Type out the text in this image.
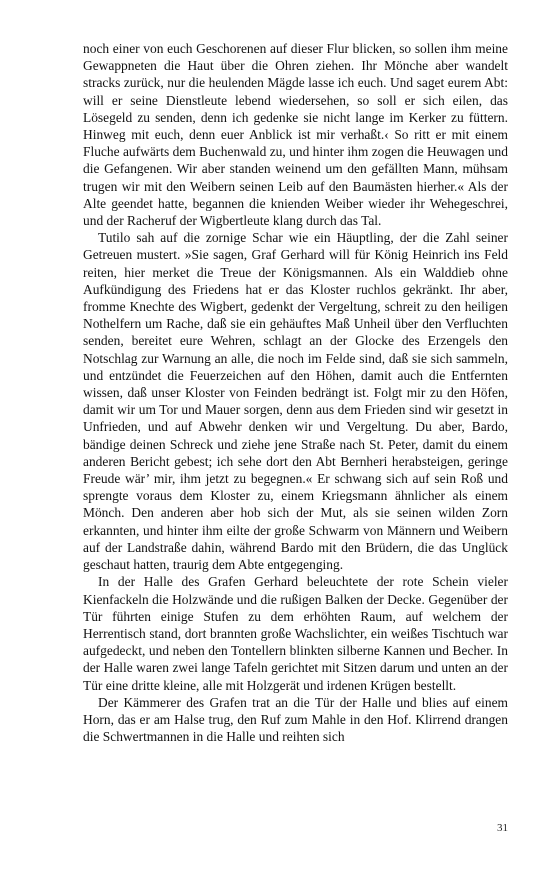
noch einer von euch Geschorenen auf dieser Flur blicken, so sollen ihm meine Gewappneten die Haut über die Ohren ziehen. Ihr Mönche aber wandelt stracks zurück, nur die heulenden Mägde lasse ich euch. Und saget eurem Abt: will er seine Dienstleute lebend wiedersehen, so soll er sich eilen, das Lösegeld zu senden, denn ich gedenke sie nicht lange im Kerker zu füttern. Hinweg mit euch, denn euer Anblick ist mir verhaßt.‹ So ritt er mit einem Fluche aufwärts dem Buchenwald zu, und hinter ihm zogen die Heuwagen und die Gefangenen. Wir aber standen weinend um den gefällten Mann, mühsam trugen wir mit den Weibern seinen Leib auf den Baumästen hierher.« Als der Alte geendet hatte, begannen die knienden Weiber wieder ihr Wehegeschrei, und der Racheruf der Wigbertleute klang durch das Tal.

Tutilo sah auf die zornige Schar wie ein Häuptling, der die Zahl seiner Getreuen mustert. »Sie sagen, Graf Gerhard will für König Heinrich ins Feld reiten, hier merket die Treue der Königsmannen. Als ein Walddieb ohne Aufkündigung des Friedens hat er das Kloster ruchlos gekränkt. Ihr aber, fromme Knechte des Wigbert, gedenkt der Vergeltung, schreit zu den heiligen Nothelfern um Rache, daß sie ein gehäuftes Maß Unheil über den Verfluchten senden, bereitet eure Wehren, schlagt an der Glocke des Erzengels den Notschlag zur Warnung an alle, die noch im Felde sind, daß sie sich sammeln, und entzündet die Feuerzeichen auf den Höhen, damit auch die Entfernten wissen, daß unser Kloster von Feinden bedrängt ist. Folgt mir zu den Höfen, damit wir um Tor und Mauer sorgen, denn aus dem Frieden sind wir gesetzt in Unfrieden, und auf Abwehr denken wir und Vergeltung. Du aber, Bardo, bändige deinen Schreck und ziehe jene Straße nach St. Peter, damit du einem anderen Bericht gebest; ich sehe dort den Abt Bernheri herabsteigen, geringe Freude wär’ mir, ihm jetzt zu begegnen.« Er schwang sich auf sein Roß und sprengte voraus dem Kloster zu, einem Kriegsmann ähnlicher als einem Mönch. Den anderen aber hob sich der Mut, als sie seinen wilden Zorn erkannten, und hinter ihm eilte der große Schwarm von Männern und Weibern auf der Landstraße dahin, während Bardo mit den Brüdern, die das Unglück geschaut hatten, traurig dem Abte entgegenging.

In der Halle des Grafen Gerhard beleuchtete der rote Schein vieler Kienfackeln die Holzwände und die rußigen Balken der Decke. Gegenüber der Tür führten einige Stufen zu dem erhöhten Raum, auf welchem der Herrentisch stand, dort brannten große Wachslichter, ein weißes Tischtuch war aufgedeckt, und neben den Tontellern blinkten silberne Kannen und Becher. In der Halle waren zwei lange Tafeln gerichtet mit Sitzen darum und unten an der Tür eine dritte kleine, alle mit Holzgerät und irdenen Krügen bestellt.

Der Kämmerer des Grafen trat an die Tür der Halle und blies auf einem Horn, das er am Halse trug, den Ruf zum Mahle in den Hof. Klirrend drangen die Schwertmannen in die Halle und reihten sich

31
